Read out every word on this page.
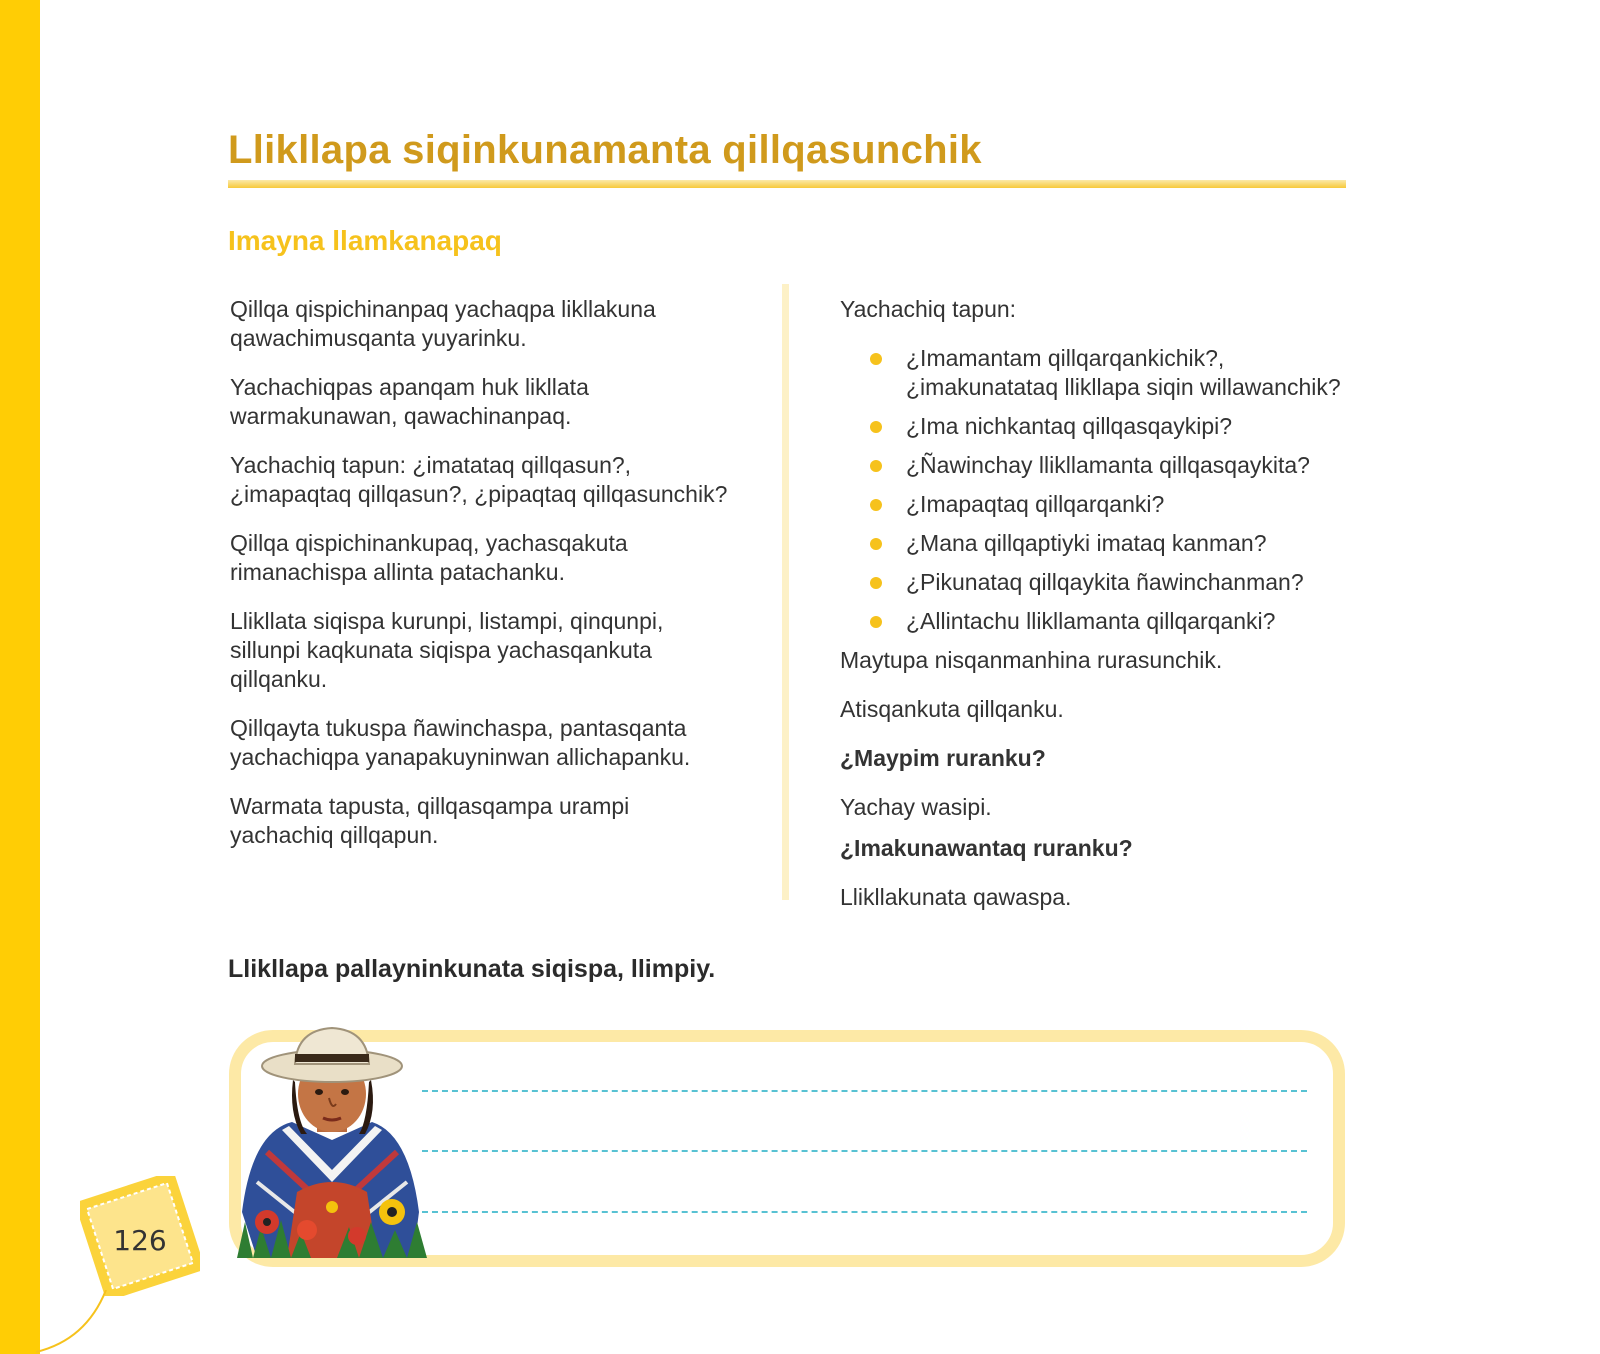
Llikllapa siqinkunamanta qillqasunchik
Imayna llamkanapaq

Qillqa qispichinanpaq yachaqpa likllakuna qawachimusqanta yuyarinku.

Yachachiqpas apanqam huk likllata warmakunawan, qawachinanpaq.

Yachachiq tapun: ¿imatataq qillqasun?, ¿imapaqtaq qillqasun?, ¿pipaqtaq qillqasunchik?

Qillqa qispichinankupaq, yachasqakuta rimanachispa allinta patachanku.

Llikllata siqispa kurunpi, listampi, qinqunpi, sillunpi kaqkunata siqispa yachasqankuta qillqanku.

Qillqayta tukuspa ñawinchaspa, pantasqanta yachachiqpa yanapakuyninwan allichapanku.

Warmata tapusta, qillqasqampa urampi yachachiq qillqapun.

Yachachiq tapun:

¿Imamantam qillqarqankichik?, ¿imakunatataq llikllapa siqin willawanchik?
¿Ima nichkantaq qillqasqaykipi?
¿Ñawinchay llikllamanta qillqasqaykita?
¿Imapaqtaq qillqarqanki?
¿Mana qillqaptiyki imataq kanman?
¿Pikunataq qillqaykita ñawinchanman?
¿Allintachu llikllamanta qillqarqanki?

Maytupa nisqanmanhina rurasunchik.

Atisqankuta qillqanku.

¿Maypim ruranku?

Yachay wasipi.

¿Imakunawantaq ruranku?

Llikllakunata qawaspa.

Llikllapa pallayninkunata siqispa, llimpiy.

126
